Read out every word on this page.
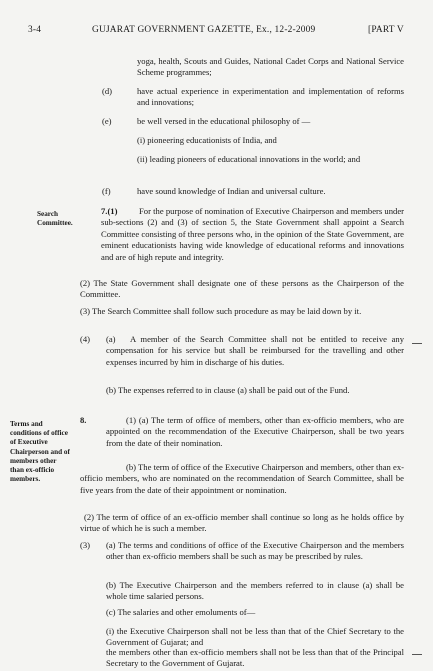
3-4	GUJARAT GOVERNMENT GAZETTE, Ex., 12-2-2009	[PART V
yoga, health, Scouts and Guides, National Cadet Corps and National Service Scheme programmes;
(d)	have actual experience in experimentation and implementation of reforms and innovations;
(e)	be well versed in the educational philosophy of —
(i) pioneering educationists of India, and
(ii) leading pioneers of educational innovations in the world; and
(f)	have sound knowledge of Indian and universal culture.
Search Committee.
7.(1)	For the purpose of nomination of Executive Chairperson and members under sub-sections (2) and (3) of section 5, the State Government shall appoint a Search Committee consisting of three persons who, in the opinion of the State Government, are eminent educationists having wide knowledge of educational reforms and innovations and are of high repute and integrity.
(2) The State Government shall designate one of these persons as the Chairperson of the Committee.
(3) The Search Committee shall follow such procedure as may be laid down by it.
(4) (a)	A member of the Search Committee shall not be entitled to receive any compensation for his service but shall be reimbursed for the travelling and other expenses incurred by him in discharge of his duties.
(b) The expenses referred to in clause (a) shall be paid out of the Fund.
8.
Terms and conditions of office of Executive Chairperson and of members other than ex-officio members.
(1) (a) The term of office of members, other than ex-officio members, who are appointed on the recommendation of the Executive Chairperson, shall be two years from the date of their nomination.
(b) The term of office of the Executive Chairperson and members, other than ex-officio members, who are nominated on the recommendation of Search Committee, shall be five years from the date of their appointment or nomination.
(2) The term of office of an ex-officio member shall continue so long as he holds office by virtue of which he is such a member.
(3) (a) The terms and conditions of office of the Executive Chairperson and the members other than ex-officio members shall be such as may be prescribed by rules.
(b) The Executive Chairperson and the members referred to in clause (a) shall be whole time salaried persons.
(c) The salaries and other emoluments of—
(i) the Executive Chairperson shall not be less than that of the Chief Secretary to the Government of Gujarat; and
the members other than ex-officio members shall not be less than that of the Principal Secretary to the Government of Gujarat.
